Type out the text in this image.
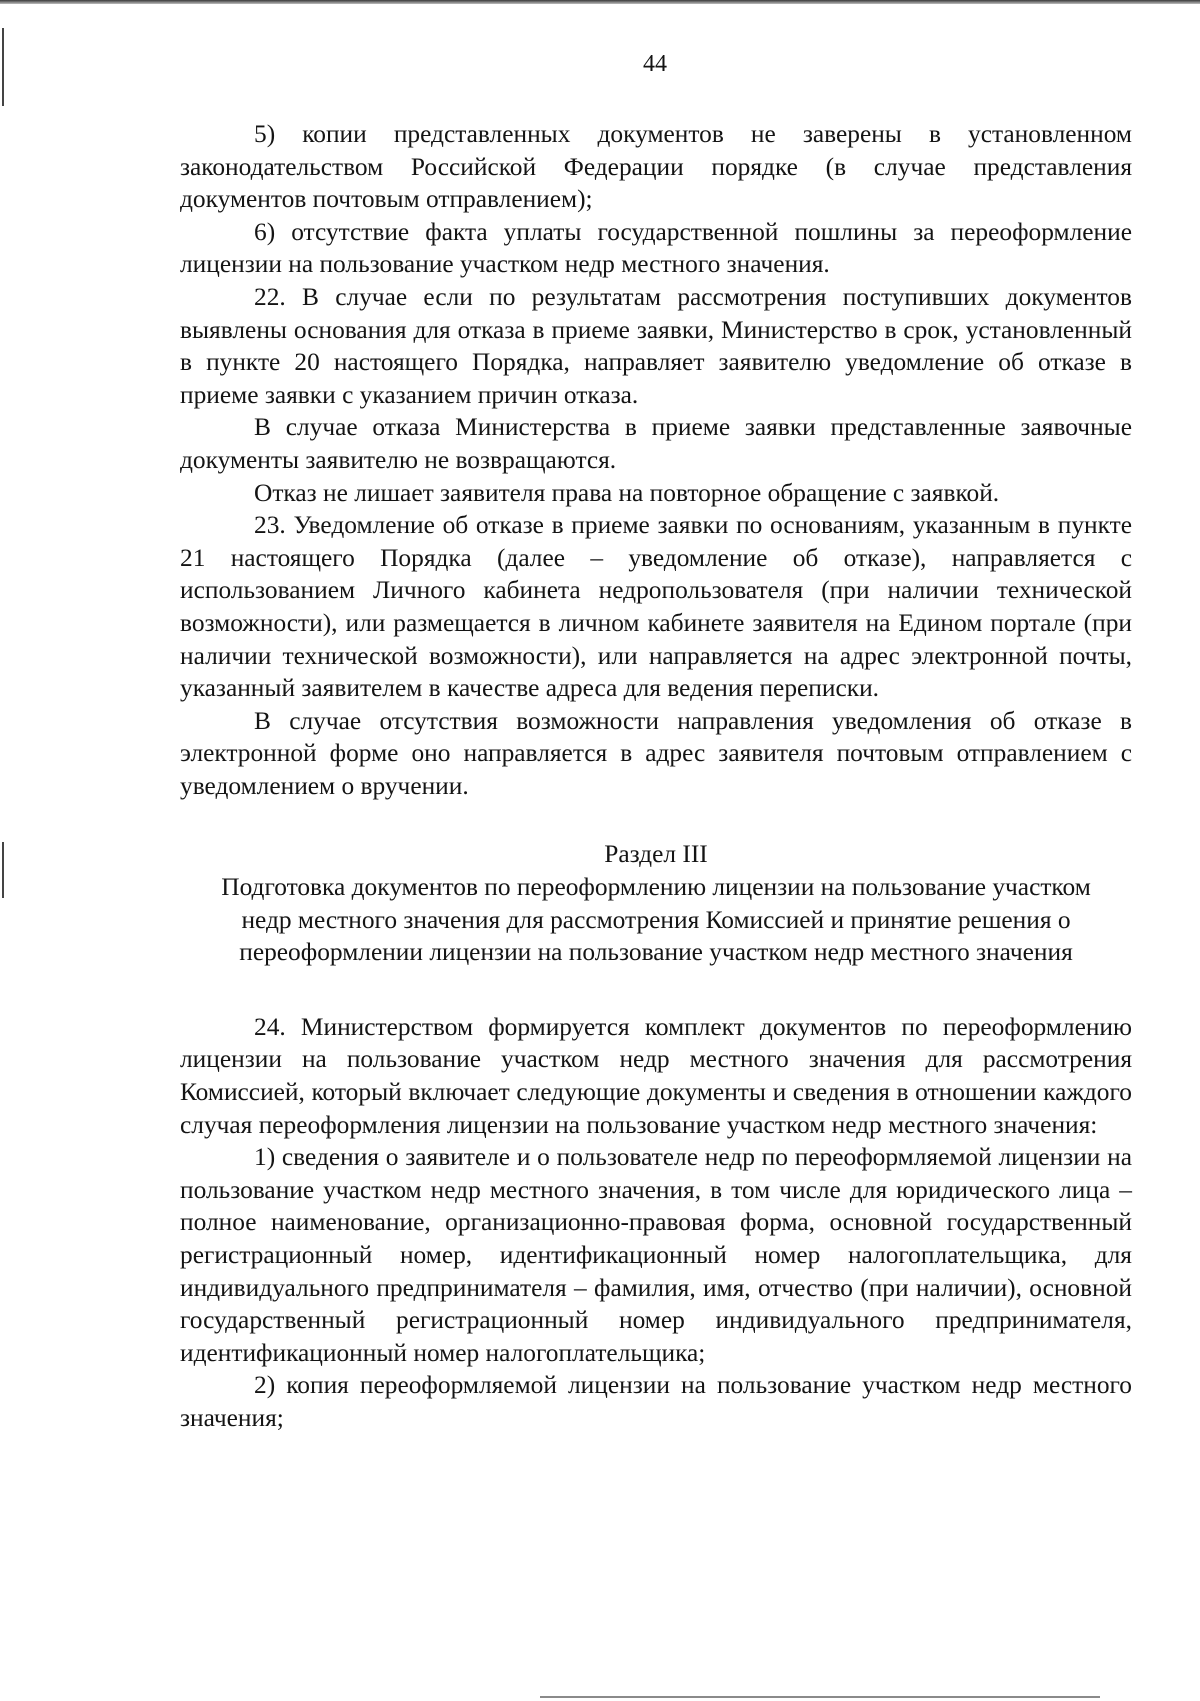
44

5) копии представленных документов не заверены в установленном законодательством Российской Федерации порядке (в случае представления документов почтовым отправлением);

6) отсутствие факта уплаты государственной пошлины за переоформление лицензии на пользование участком недр местного значения.

22. В случае если по результатам рассмотрения поступивших документов выявлены основания для отказа в приеме заявки, Министерство в срок, установленный в пункте 20 настоящего Порядка, направляет заявителю уведомление об отказе в приеме заявки с указанием причин отказа.

В случае отказа Министерства в приеме заявки представленные заявочные документы заявителю не возвращаются.

Отказ не лишает заявителя права на повторное обращение с заявкой.

23. Уведомление об отказе в приеме заявки по основаниям, указанным в пункте 21 настоящего Порядка (далее – уведомление об отказе), направляется с использованием Личного кабинета недропользователя (при наличии технической возможности), или размещается в личном кабинете заявителя на Едином портале (при наличии технической возможности), или направляется на адрес электронной почты, указанный заявителем в качестве адреса для ведения переписки.

В случае отсутствия возможности направления уведомления об отказе в электронной форме оно направляется в адрес заявителя почтовым отправлением с уведомлением о вручении.

Раздел III

Подготовка документов по переоформлению лицензии на пользование участком недр местного значения для рассмотрения Комиссией и принятие решения о переоформлении лицензии на пользование участком недр местного значения

24. Министерством формируется комплект документов по переоформлению лицензии на пользование участком недр местного значения для рассмотрения Комиссией, который включает следующие документы и сведения в отношении каждого случая переоформления лицензии на пользование участком недр местного значения:

1) сведения о заявителе и о пользователе недр по переоформляемой лицензии на пользование участком недр местного значения, в том числе для юридического лица – полное наименование, организационно-правовая форма, основной государственный регистрационный номер, идентификационный номер налогоплательщика, для индивидуального предпринимателя – фамилия, имя, отчество (при наличии), основной государственный регистрационный номер индивидуального предпринимателя, идентификационный номер налогоплательщика;

2) копия переоформляемой лицензии на пользование участком недр местного значения;
